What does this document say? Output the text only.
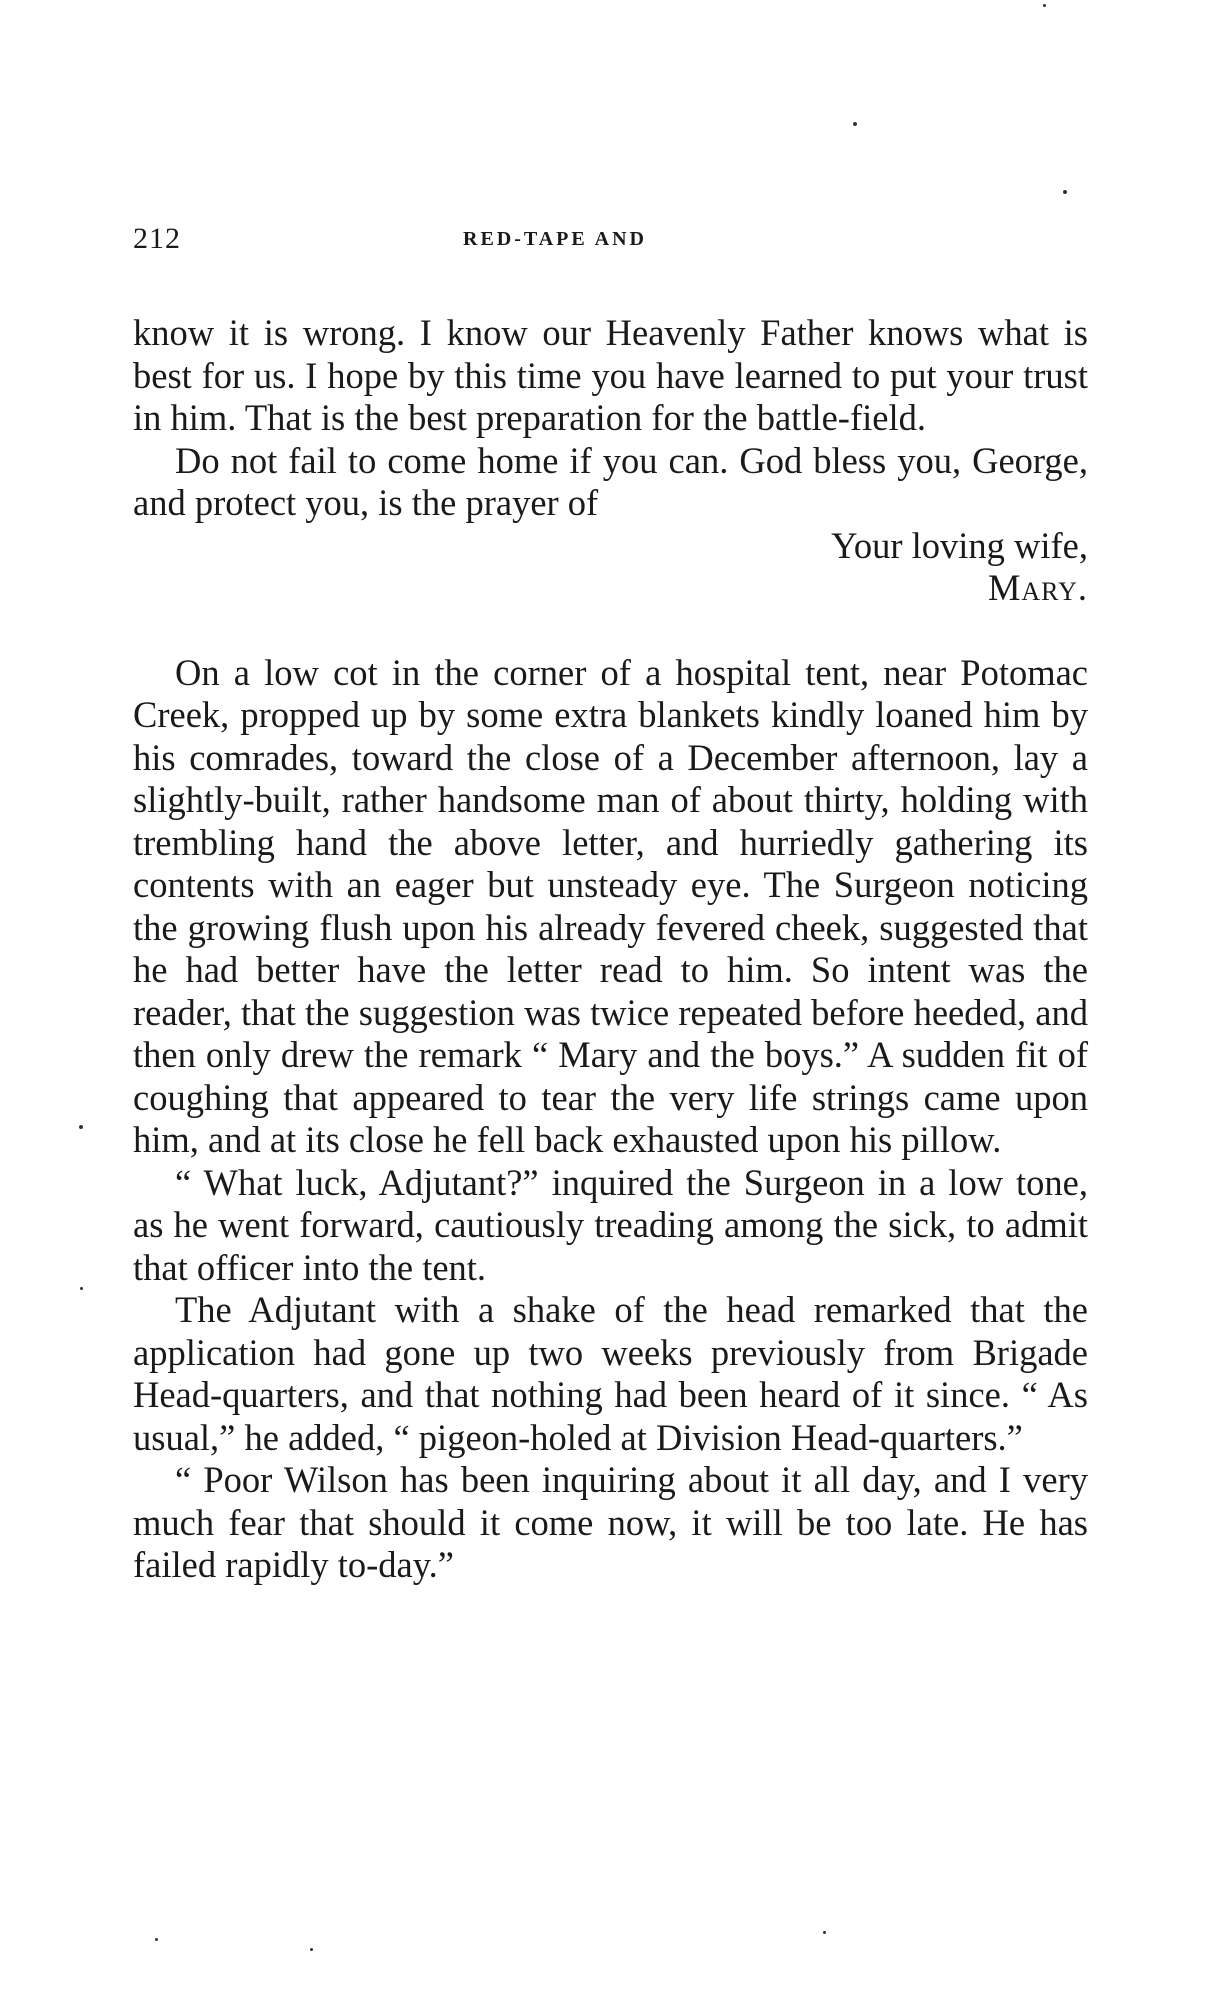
212	RED-TAPE AND

know it is wrong. I know our Heavenly Father knows what is best for us. I hope by this time you have learned to put your trust in him. That is the best preparation for the battle-field.

Do not fail to come home if you can. God bless you, George, and protect you, is the prayer of

Your loving wife,

Mary.

On a low cot in the corner of a hospital tent, near Potomac Creek, propped up by some extra blankets kindly loaned him by his comrades, toward the close of a December afternoon, lay a slightly-built, rather handsome man of about thirty, holding with trembling hand the above letter, and hurriedly gathering its contents with an eager but unsteady eye. The Surgeon noticing the growing flush upon his already fevered cheek, suggested that he had better have the letter read to him. So intent was the reader, that the suggestion was twice repeated before heeded, and then only drew the remark “ Mary and the boys.” A sudden fit of coughing that appeared to tear the very life strings came upon him, and at its close he fell back exhausted upon his pillow.

“ What luck, Adjutant?” inquired the Surgeon in a low tone, as he went forward, cautiously treading among the sick, to admit that officer into the tent.

The Adjutant with a shake of the head remarked that the application had gone up two weeks previously from Brigade Head-quarters, and that nothing had been heard of it since. “ As usual,” he added, “ pigeon-holed at Division Head-quarters.”

“ Poor Wilson has been inquiring about it all day, and I very much fear that should it come now, it will be too late. He has failed rapidly to-day.”
